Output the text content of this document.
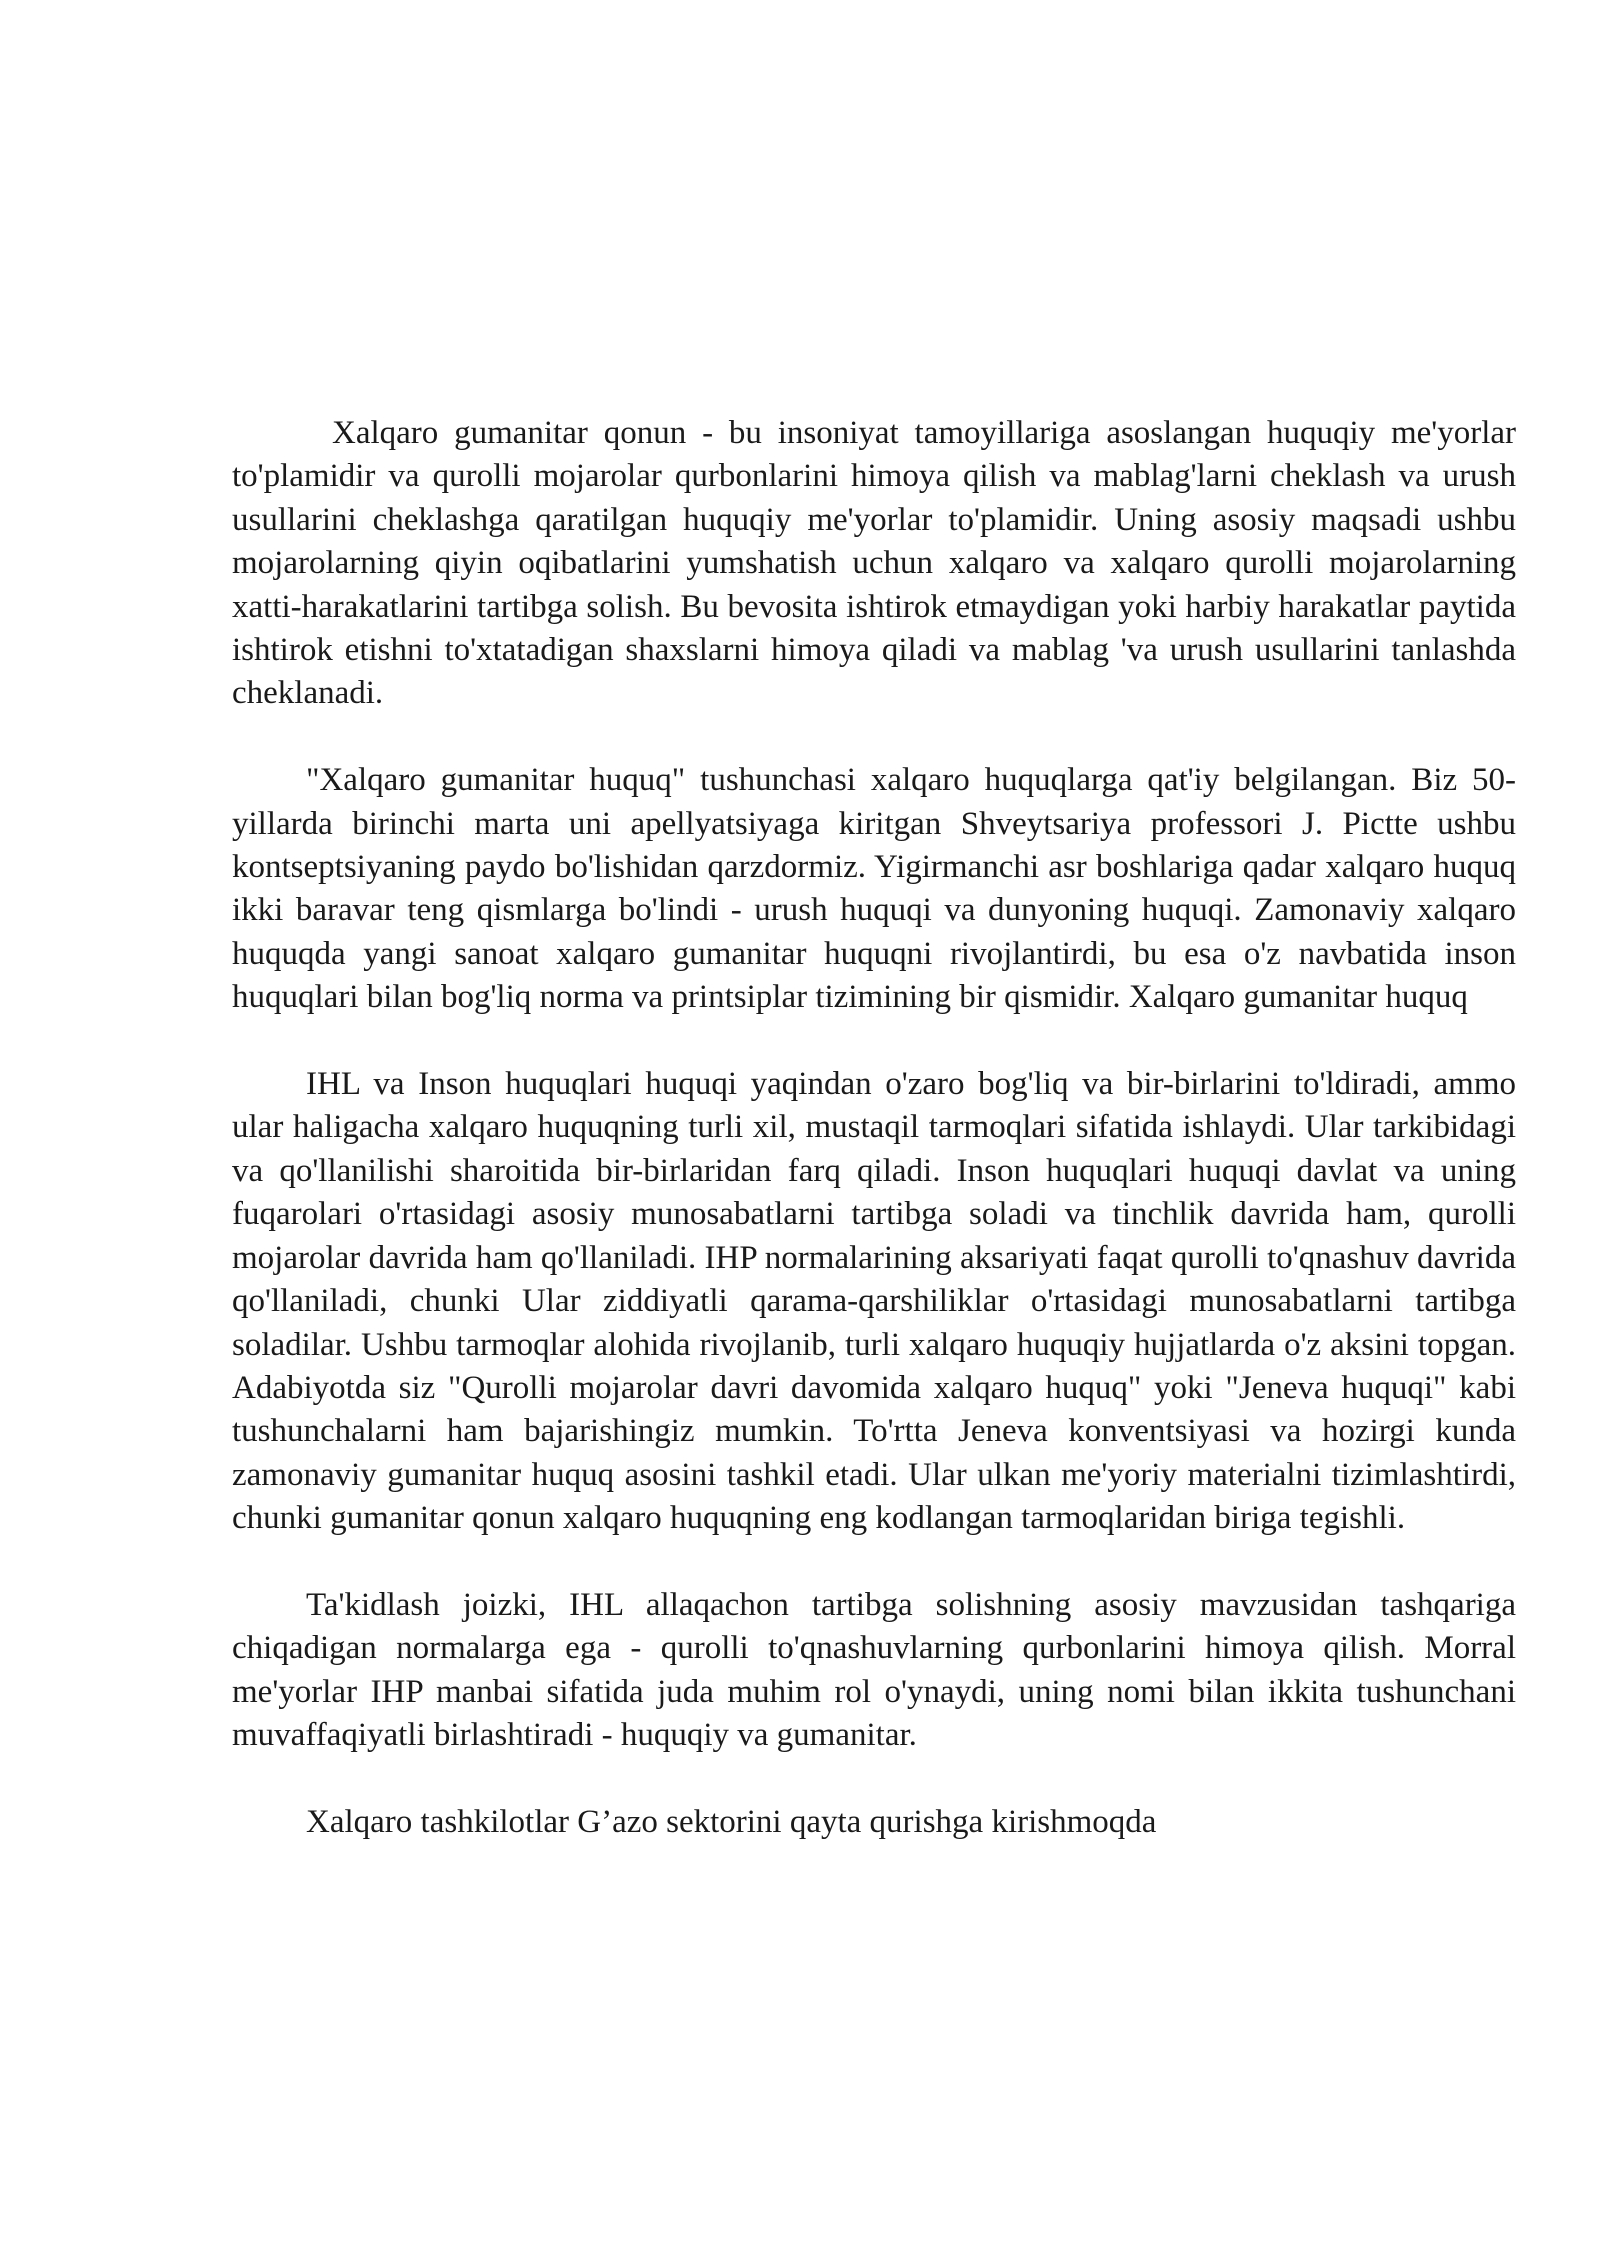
Xalqaro gumanitar qonun - bu insoniyat tamoyillariga asoslangan huquqiy me'yorlar to'plamidir va qurolli mojarolar qurbonlarini himoya qilish va mablag'larni cheklash va urush usullarini cheklashga qaratilgan huquqiy me'yorlar to'plamidir. Uning asosiy maqsadi ushbu mojarolarning qiyin oqibatlarini yumshatish uchun xalqaro va xalqaro qurolli mojarolarning xatti-harakatlarini tartibga solish. Bu bevosita ishtirok etmaydigan yoki harbiy harakatlar paytida ishtirok etishni to'xtatadigan shaxslarni himoya qiladi va mablag 'va urush usullarini tanlashda cheklanadi.

"Xalqaro gumanitar huquq" tushunchasi xalqaro huquqlarga qat'iy belgilangan. Biz 50-yillarda birinchi marta uni apellyatsiyaga kiritgan Shveytsariya professori J. Pictte ushbu kontseptsiyaning paydo bo'lishidan qarzdormiz. Yigirmanchi asr boshlariga qadar xalqaro huquq ikki baravar teng qismlarga bo'lindi - urush huquqi va dunyoning huquqi. Zamonaviy xalqaro huquqda yangi sanoat xalqaro gumanitar huquqni rivojlantirdi, bu esa o'z navbatida inson huquqlari bilan bog'liq norma va printsiplar tizimining bir qismidir. Xalqaro gumanitar huquq

IHL va Inson huquqlari huquqi yaqindan o'zaro bog'liq va bir-birlarini to'ldiradi, ammo ular haligacha xalqaro huquqning turli xil, mustaqil tarmoqlari sifatida ishlaydi. Ular tarkibidagi va qo'llanilishi sharoitida bir-birlaridan farq qiladi. Inson huquqlari huquqi davlat va uning fuqarolari o'rtasidagi asosiy munosabatlarni tartibga soladi va tinchlik davrida ham, qurolli mojarolar davrida ham qo'llaniladi. IHP normalarining aksariyati faqat qurolli to'qnashuv davrida qo'llaniladi, chunki Ular ziddiyatli qarama-qarshiliklar o'rtasidagi munosabatlarni tartibga soladilar. Ushbu tarmoqlar alohida rivojlanib, turli xalqaro huquqiy hujjatlarda o'z aksini topgan. Adabiyotda siz "Qurolli mojarolar davri davomida xalqaro huquq" yoki "Jeneva huquqi" kabi tushunchalarni ham bajarishingiz mumkin. To'rtta Jeneva konventsiyasi va hozirgi kunda zamonaviy gumanitar huquq asosini tashkil etadi. Ular ulkan me'yoriy materialni tizimlashtirdi, chunki gumanitar qonun xalqaro huquqning eng kodlangan tarmoqlaridan biriga tegishli.

Ta'kidlash joizki, IHL allaqachon tartibga solishning asosiy mavzusidan tashqariga chiqadigan normalarga ega - qurolli to'qnashuvlarning qurbonlarini himoya qilish. Morral me'yorlar IHP manbai sifatida juda muhim rol o'ynaydi, uning nomi bilan ikkita tushunchani muvaffaqiyatli birlashtiradi - huquqiy va gumanitar.

Xalqaro tashkilotlar G’azo sektorini qayta qurishga kirishmoqda
